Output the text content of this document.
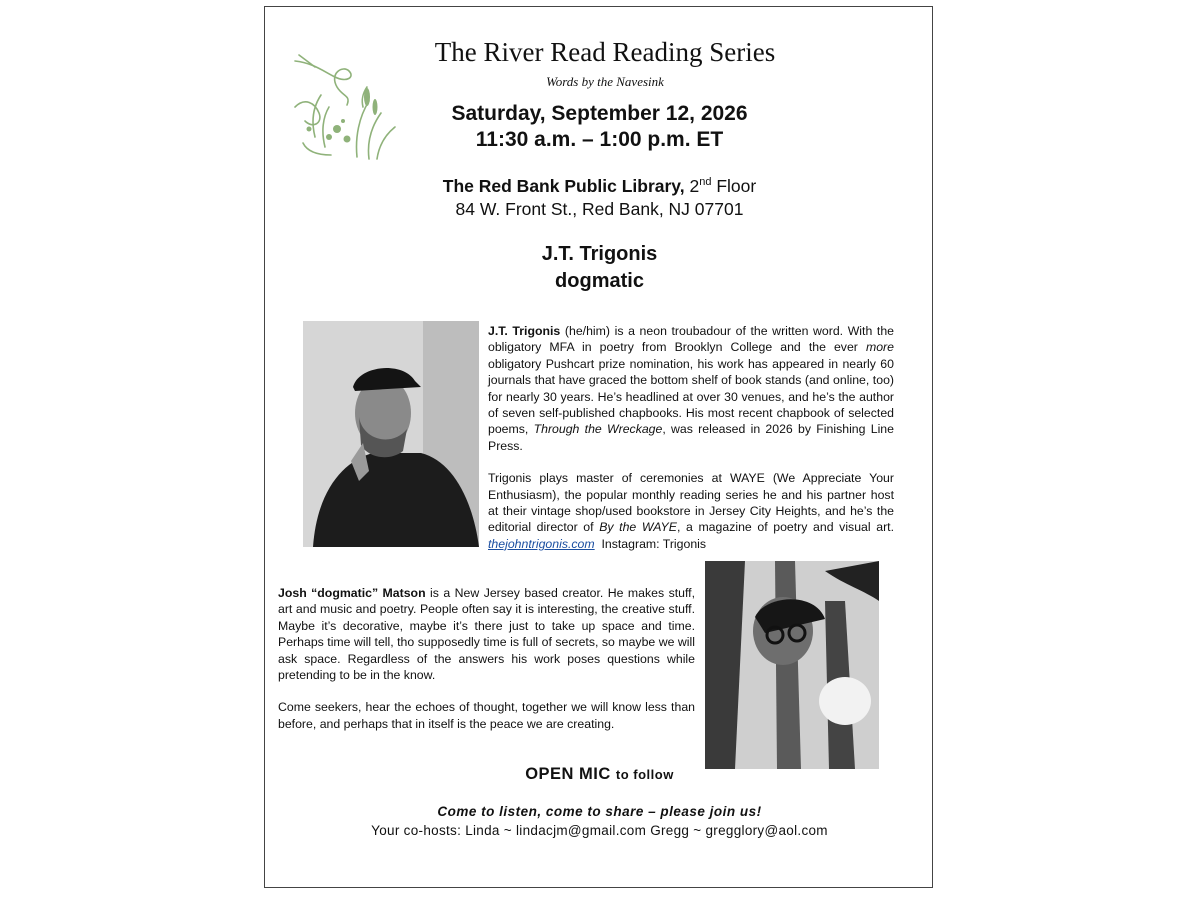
The River Read Reading Series
Words by the Navesink
Saturday, September 12, 2026
11:30 a.m. – 1:00 p.m. ET
The Red Bank Public Library, 2nd Floor
84 W. Front St., Red Bank, NJ 07701
J.T. Trigonis
dogmatic

J.T. Trigonis (he/him) is a neon troubadour of the written word. With the obligatory MFA in poetry from Brooklyn College and the ever more obligatory Pushcart prize nomination, his work has appeared in nearly 60 journals that have graced the bottom shelf of book stands (and online, too) for nearly 30 years. He’s headlined at over 30 venues, and he’s the author of seven self-published chapbooks. His most recent chapbook of selected poems, Through the Wreckage, was released in 2026 by Finishing Line Press.

Trigonis plays master of ceremonies at WAYE (We Appreciate Your Enthusiasm), the popular monthly reading series he and his partner host at their vintage shop/used bookstore in Jersey City Heights, and he’s the editorial director of By the WAYE, a magazine of poetry and visual art. thejohntrigonis.com Instagram: Trigonis

Josh “dogmatic” Matson is a New Jersey based creator. He makes stuff, art and music and poetry. People often say it is interesting, the creative stuff. Maybe it’s decorative, maybe it’s there just to take up space and time. Perhaps time will tell, tho supposedly time is full of secrets, so maybe we will ask space. Regardless of the answers his work poses questions while pretending to be in the know.

Come seekers, hear the echoes of thought, together we will know less than before, and perhaps that in itself is the peace we are creating.

OPEN MIC to follow
Come to listen, come to share – please join us!
Your co-hosts: Linda ~ lindacjm@gmail.com Gregg ~ gregglory@aol.com
